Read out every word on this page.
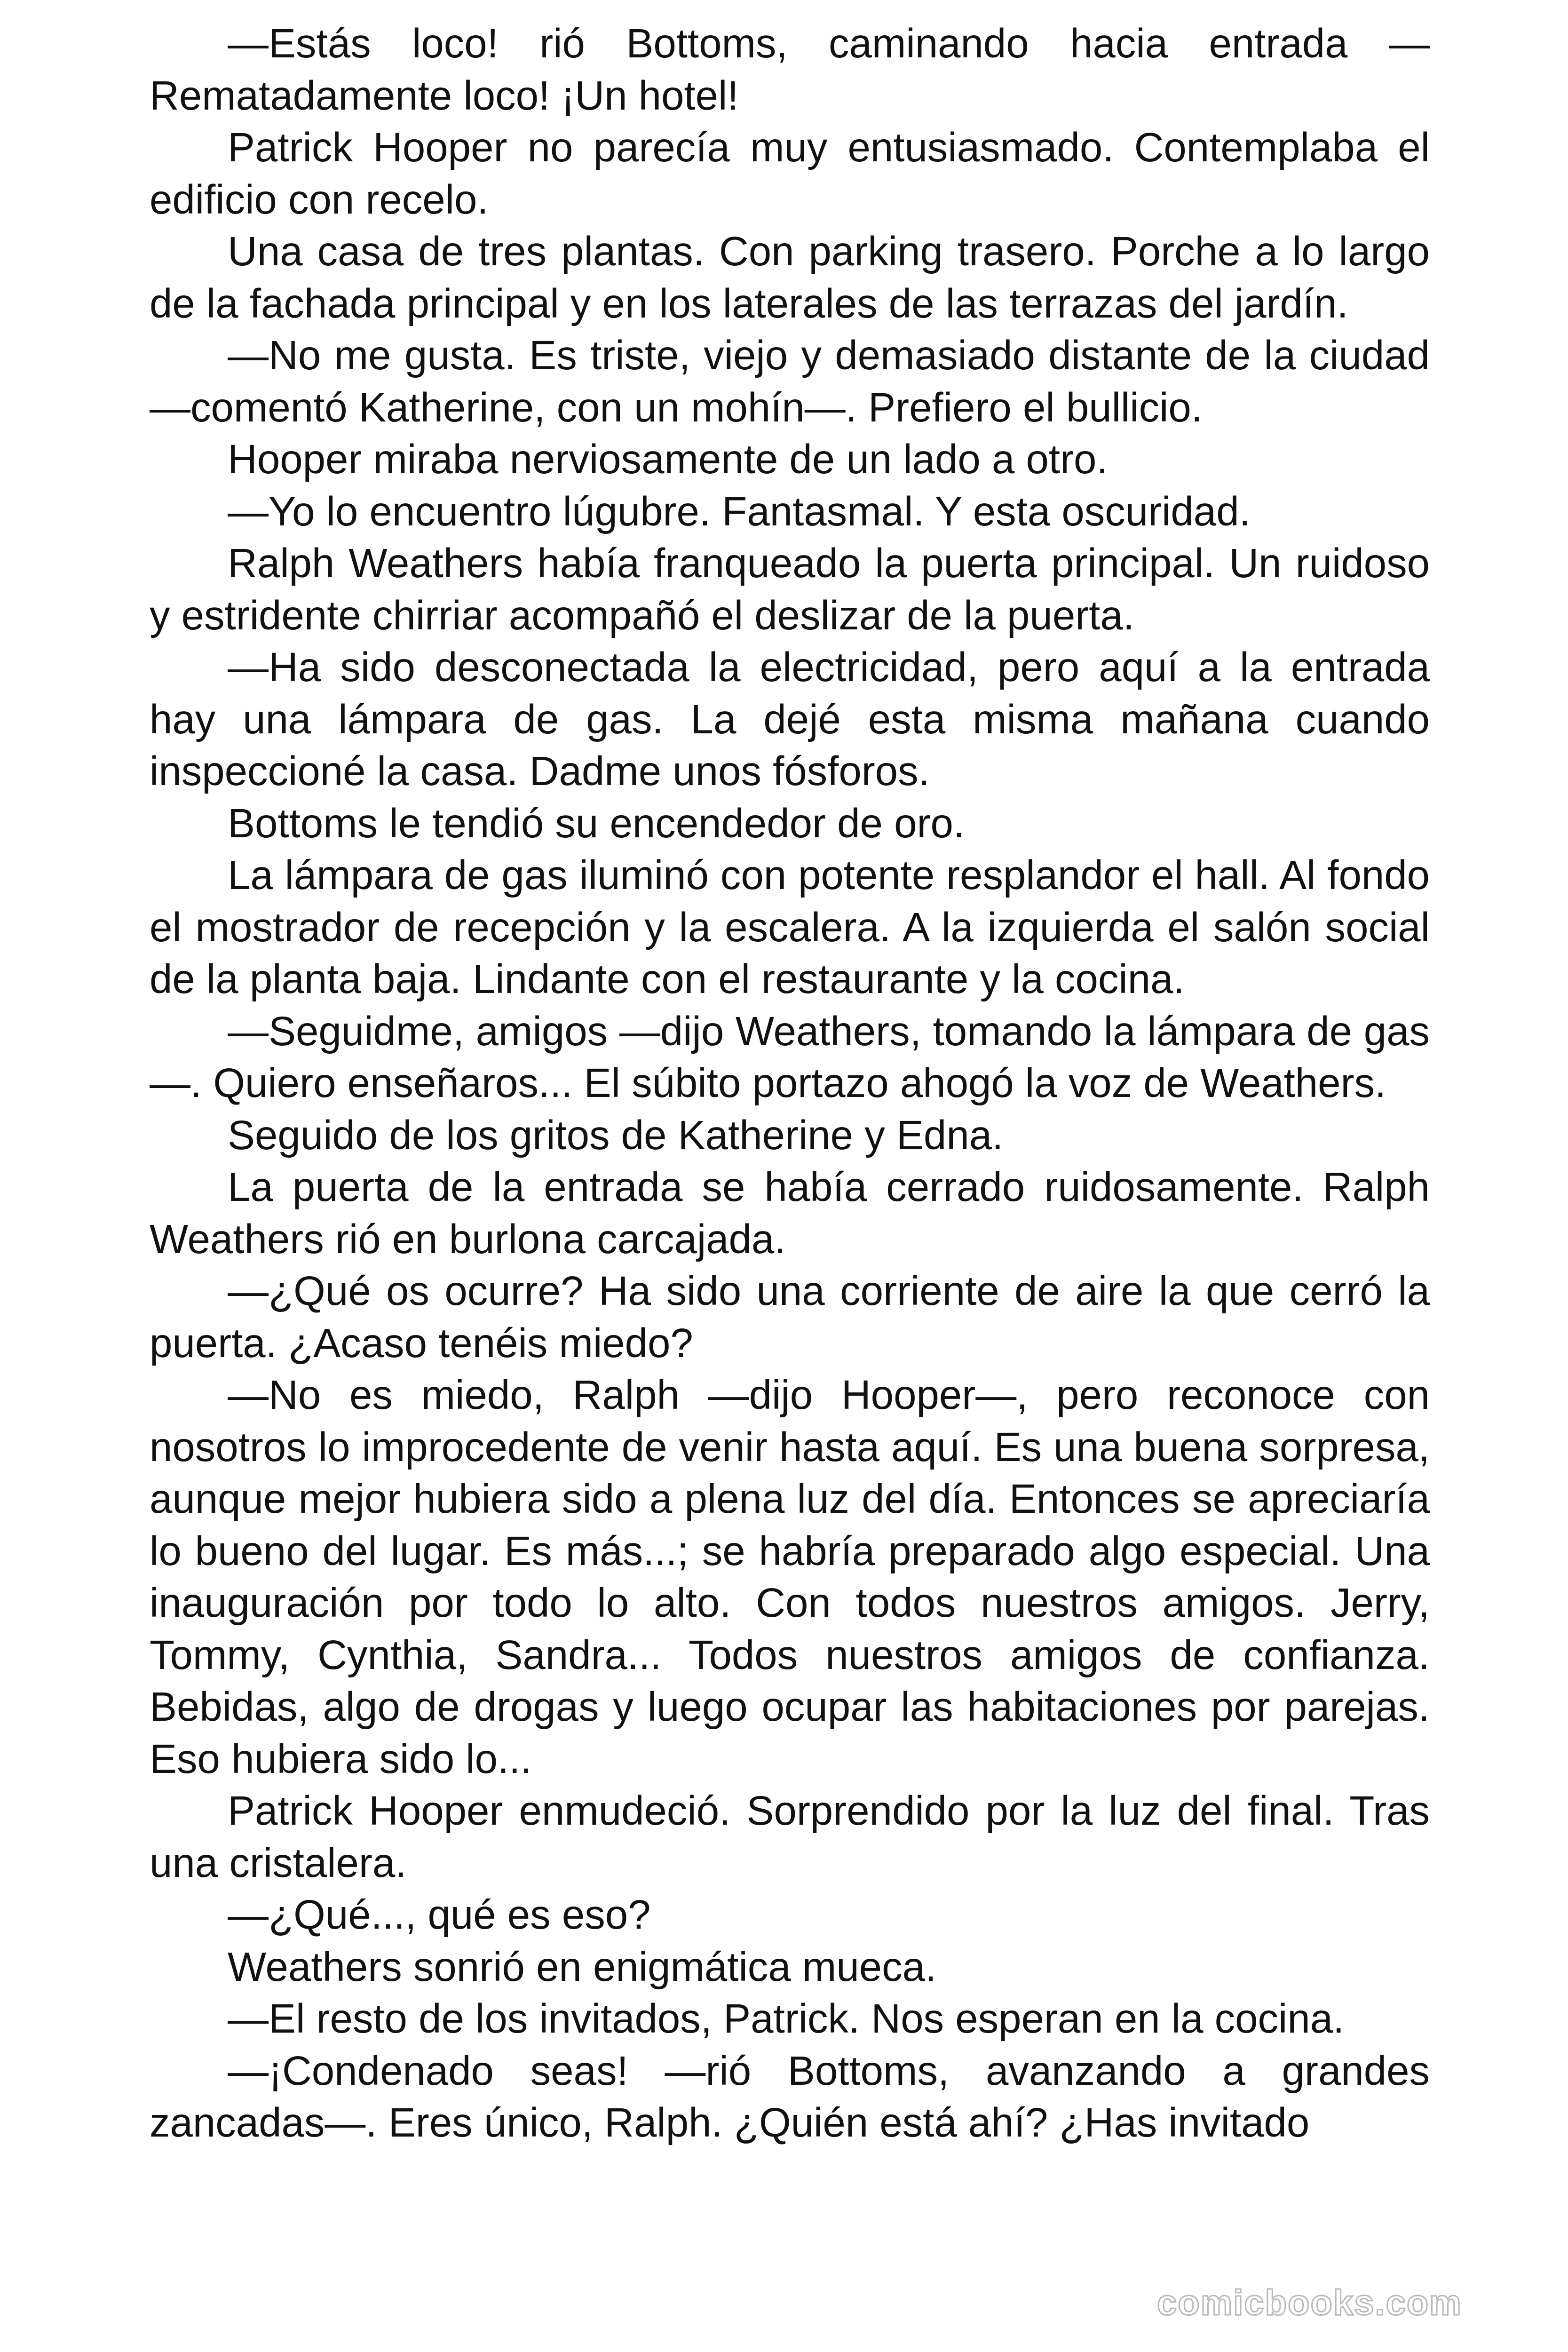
—Estás loco! rió Bottoms, caminando hacia entrada —Rematadamente loco! ¡Un hotel!

Patrick Hooper no parecía muy entusiasmado. Contemplaba el edificio con recelo.

Una casa de tres plantas. Con parking trasero. Porche a lo largo de la fachada principal y en los laterales de las terrazas del jardín.

—No me gusta. Es triste, viejo y demasiado distante de la ciudad —comentó Katherine, con un mohín—. Prefiero el bullicio.

Hooper miraba nerviosamente de un lado a otro.

—Yo lo encuentro lúgubre. Fantasmal. Y esta oscuridad.

Ralph Weathers había franqueado la puerta principal. Un ruidoso y estridente chirriar acompañó el deslizar de la puerta.

—Ha sido desconectada la electricidad, pero aquí a la entrada hay una lámpara de gas. La dejé esta misma mañana cuando inspeccioné la casa. Dadme unos fósforos.

Bottoms le tendió su encendedor de oro.

La lámpara de gas iluminó con potente resplandor el hall. Al fondo el mostrador de recepción y la escalera. A la izquierda el salón social de la planta baja. Lindante con el restaurante y la cocina.

—Seguidme, amigos —dijo Weathers, tomando la lámpara de gas—. Quiero enseñaros... El súbito portazo ahogó la voz de Weathers.

Seguido de los gritos de Katherine y Edna.

La puerta de la entrada se había cerrado ruidosamente. Ralph Weathers rió en burlona carcajada.

—¿Qué os ocurre? Ha sido una corriente de aire la que cerró la puerta. ¿Acaso tenéis miedo?

—No es miedo, Ralph —dijo Hooper—, pero reconoce con nosotros lo improcedente de venir hasta aquí. Es una buena sorpresa, aunque mejor hubiera sido a plena luz del día. Entonces se apreciaría lo bueno del lugar. Es más...; se habría preparado algo especial. Una inauguración por todo lo alto. Con todos nuestros amigos. Jerry, Tommy, Cynthia, Sandra... Todos nuestros amigos de confianza. Bebidas, algo de drogas y luego ocupar las habitaciones por parejas. Eso hubiera sido lo...

Patrick Hooper enmudeció. Sorprendido por la luz del final. Tras una cristalera.

—¿Qué..., qué es eso?

Weathers sonrió en enigmática mueca.

—El resto de los invitados, Patrick. Nos esperan en la cocina.

—¡Condenado seas! —rió Bottoms, avanzando a grandes zancadas—. Eres único, Ralph. ¿Quién está ahí? ¿Has invitado

comicbooks.com
